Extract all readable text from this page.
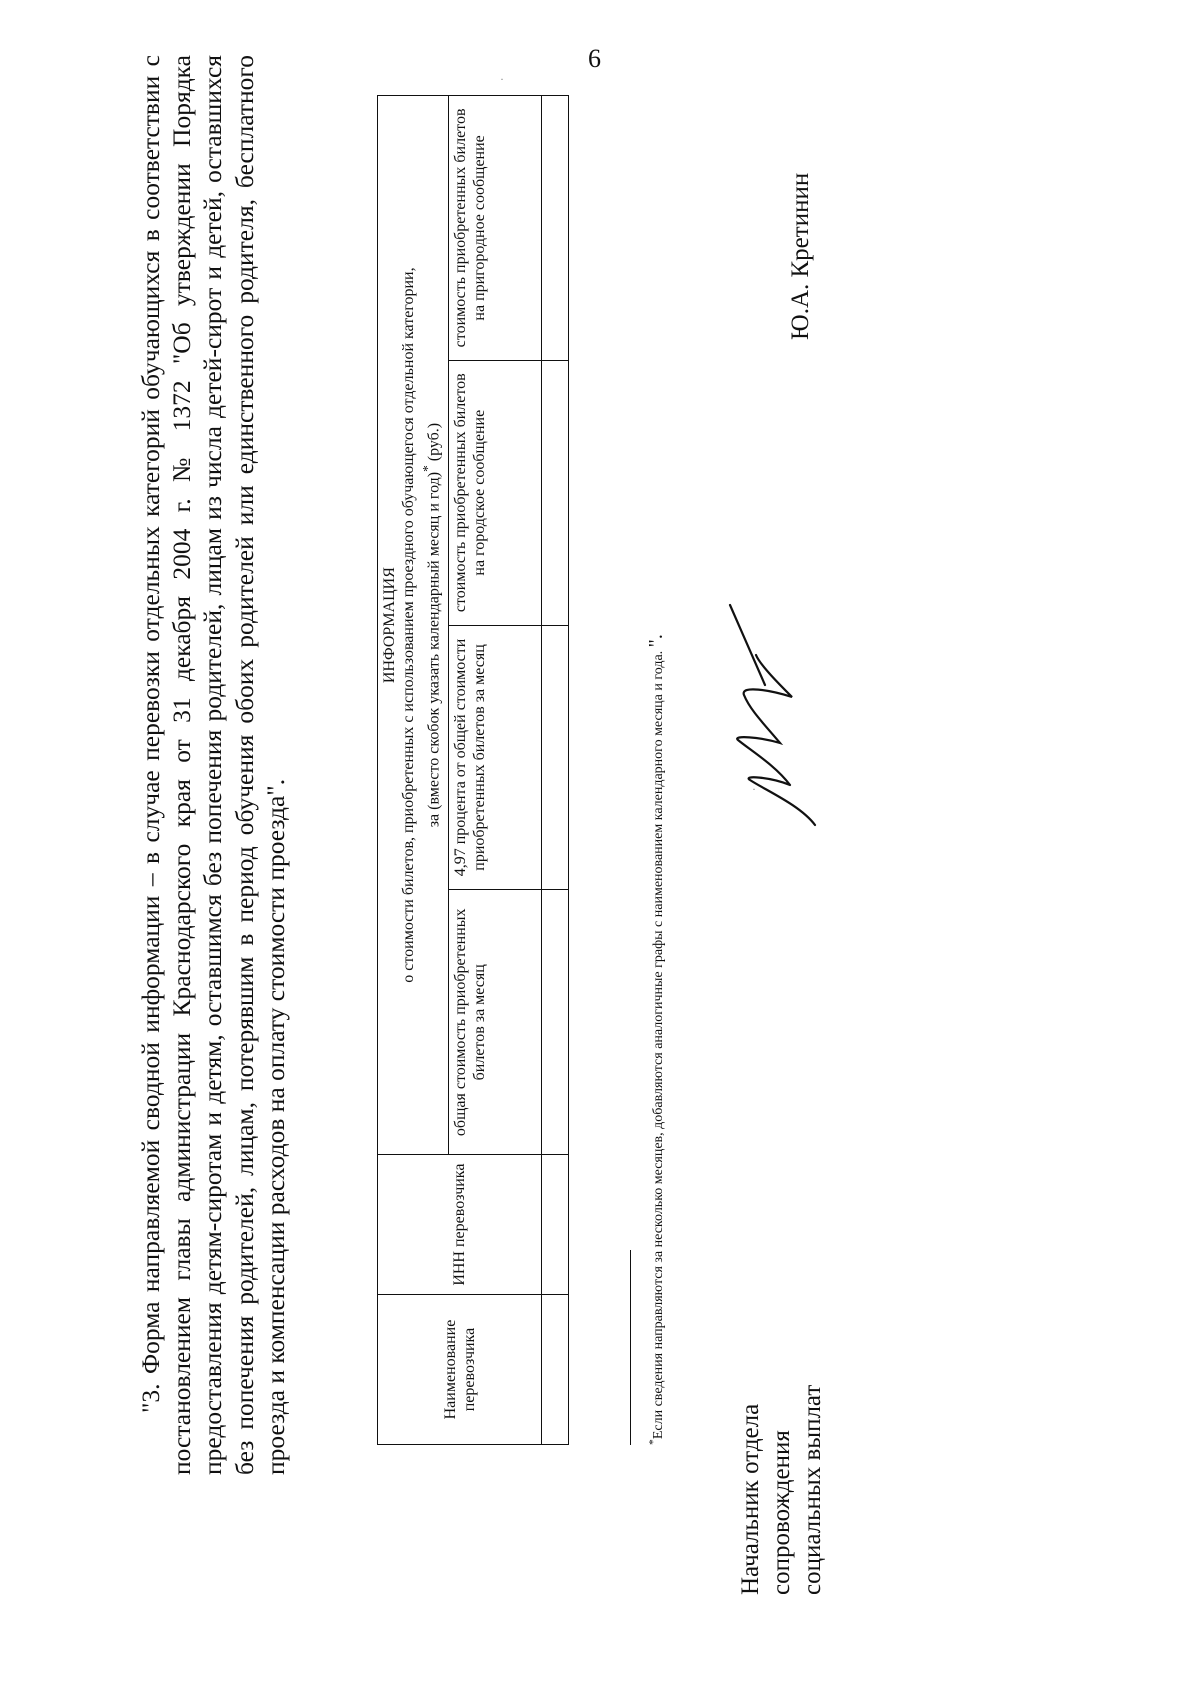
6
·
·

"3. Форма направляемой сводной информации – в случае перевозки отдельных категорий обучающихся в соответствии с постановлением главы администрации Краснодарского края от 31 декабря 2004 г. № 1372 "Об утверждении Порядка предоставления детям-сиротам и детям, оставшимся без попечения родителей, лицам из числа детей-сирот и детей, оставшихся без попечения родителей, лицам, потерявшим в период обучения обоих родителей или единственного родителя, бесплатного проезда и компенсации расходов на оплату стоимости проезда".	Наименование перевозчика	ИНН перевозчика	ИНФОРМАЦИЯ о стоимости билетов, приобретенных с использованием проездного обучающегося отдельной категории, за (вместо скобок указать календарный месяц и год)* (руб.)			

		общая стоимость приобретенных билетов за месяц	4,97 процента от общей стоимости приобретенных билетов за месяц	стоимость приобретенных билетов на городское сообщение	стоимость приобретенных билетов на пригородное сообщение

*Если сведения направляются за несколько месяцев, добавляются аналогичные графы с наименованием календарного месяца и года. ".

Начальник отдела сопровождения социальных выплат

Ю.А. Кретинин
